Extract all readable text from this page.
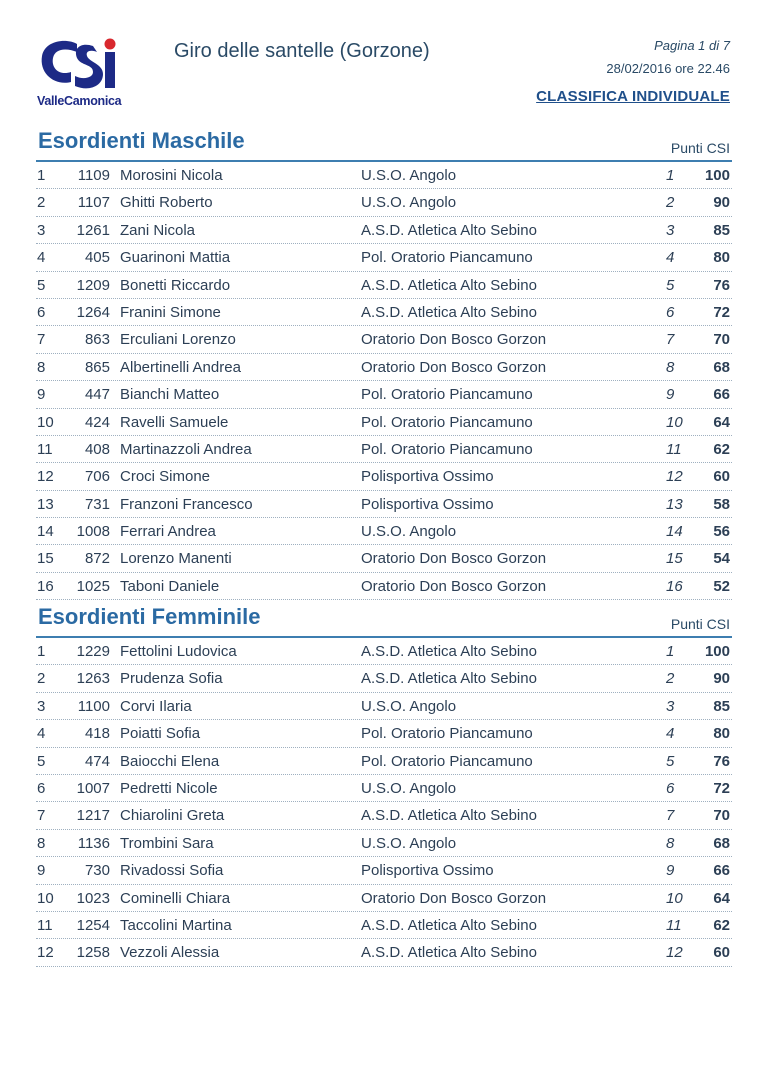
ValleCamonica
Giro delle santelle (Gorzone)	Pagina 1 di 7
28/02/2016 ore 22.46
CLASSIFICA INDIVIDUALE
Esordienti Maschile	Punti CSI
1	1109 Morosini Nicola	U.S.O. Angolo	1 100
2	1107 Ghitti Roberto	U.S.O. Angolo	2	90
3	1261 Zani Nicola	A.S.D. Atletica Alto Sebino	3	85
4	405 Guarinoni Mattia	Pol. Oratorio Piancamuno	4	80
5	1209 Bonetti Riccardo	A.S.D. Atletica Alto Sebino	5	76
6	1264 Franini Simone	A.S.D. Atletica Alto Sebino	6	72
7	863 Erculiani Lorenzo	Oratorio Don Bosco Gorzon	7	70
8	865 Albertinelli Andrea	Oratorio Don Bosco Gorzon	8	68
9	447 Bianchi Matteo	Pol. Oratorio Piancamuno	9	66
10	424 Ravelli Samuele	Pol. Oratorio Piancamuno	10 64
11	408 Martinazzoli Andrea	Pol. Oratorio Piancamuno	11 62
12	706 Croci Simone	Polisportiva Ossimo	12 60
13	731 Franzoni Francesco	Polisportiva Ossimo	13 58
14	1008 Ferrari Andrea	U.S.O. Angolo	14 56
15	872 Lorenzo Manenti	Oratorio Don Bosco Gorzon	15 54
16	1025 Taboni Daniele	Oratorio Don Bosco Gorzon	16 52
Esordienti Femminile	Punti CSI
1	1229 Fettolini Ludovica	A.S.D. Atletica Alto Sebino	1 100
2	1263 Prudenza Sofia	A.S.D. Atletica Alto Sebino	2	90
3	1100 Corvi Ilaria	U.S.O. Angolo	3	85
4	418 Poiatti Sofia	Pol. Oratorio Piancamuno	4	80
5	474 Baiocchi Elena	Pol. Oratorio Piancamuno	5	76
6	1007 Pedretti Nicole	U.S.O. Angolo	6	72
7	1217 Chiarolini Greta	A.S.D. Atletica Alto Sebino	7	70
8	1136 Trombini Sara	U.S.O. Angolo	8	68
9	730 Rivadossi Sofia	Polisportiva Ossimo	9	66
10	1023 Cominelli Chiara	Oratorio Don Bosco Gorzon	10 64
11	1254 Taccolini Martina	A.S.D. Atletica Alto Sebino	11 62
12	1258 Vezzoli Alessia	A.S.D. Atletica Alto Sebino	12 60
